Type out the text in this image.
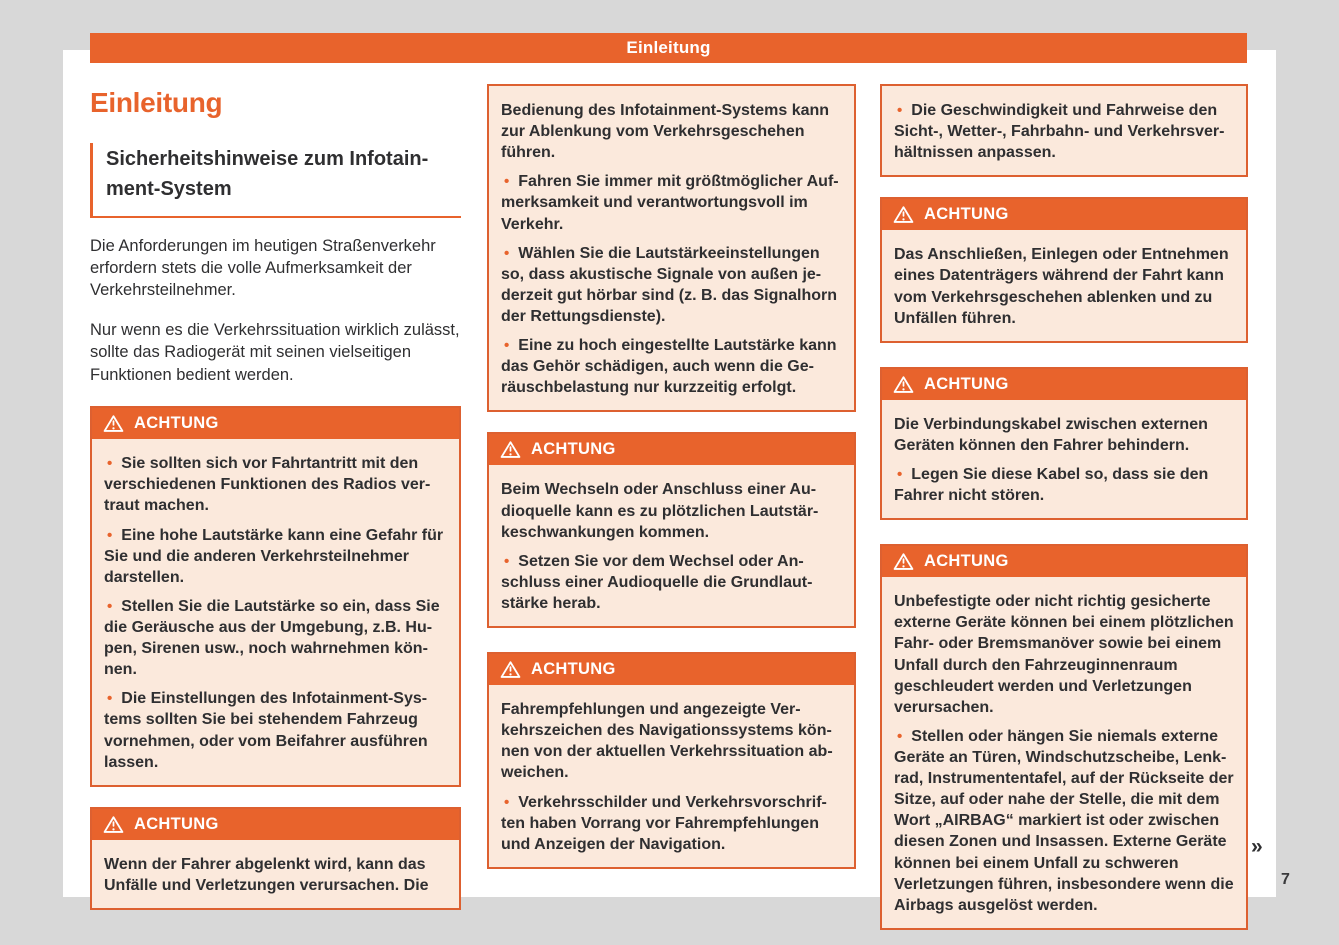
Einleitung
Einleitung
Sicherheitshinweise zum Infotainment-System

Die Anforderungen im heutigen Straßenverkehr erfordern stets die volle Aufmerksamkeit der Verkehrsteilnehmer.

Nur wenn es die Verkehrssituation wirklich zulässt, sollte das Radiogerät mit seinen vielseitigen Funktionen bedient werden.

ACHTUNG
• Sie sollten sich vor Fahrtantritt mit den verschiedenen Funktionen des Radios vertraut machen.
• Eine hohe Lautstärke kann eine Gefahr für Sie und die anderen Verkehrsteilnehmer darstellen.
• Stellen Sie die Lautstärke so ein, dass Sie die Geräusche aus der Umgebung, z.B. Hupen, Sirenen usw., noch wahrnehmen können.
• Die Einstellungen des Infotainment-Systems sollten Sie bei stehendem Fahrzeug vornehmen, oder vom Beifahrer ausführen lassen.
ACHTUNG

Wenn der Fahrer abgelenkt wird, kann das Unfälle und Verletzungen verursachen. Die

Bedienung des Infotainment-Systems kann zur Ablenkung vom Verkehrsgeschehen führen.

• Fahren Sie immer mit größtmöglicher Aufmerksamkeit und verantwortungsvoll im Verkehr.
• Wählen Sie die Lautstärkeeinstellungen so, dass akustische Signale von außen jederzeit gut hörbar sind (z. B. das Signalhorn der Rettungsdienste).
• Eine zu hoch eingestellte Lautstärke kann das Gehör schädigen, auch wenn die Geräuschbelastung nur kurzzeitig erfolgt.
ACHTUNG

Beim Wechseln oder Anschluss einer Audioquelle kann es zu plötzlichen Lautstärkeschwankungen kommen.

• Setzen Sie vor dem Wechsel oder Anschluss einer Audioquelle die Grundlautstärke herab.
ACHTUNG

Fahrempfehlungen und angezeigte Verkehrszeichen des Navigationssystems können von der aktuellen Verkehrssituation abweichen.

• Verkehrsschilder und Verkehrsvorschriften haben Vorrang vor Fahrempfehlungen und Anzeigen der Navigation.
• Die Geschwindigkeit und Fahrweise den Sicht-, Wetter-, Fahrbahn- und Verkehrsverhältnissen anpassen.
ACHTUNG

Das Anschließen, Einlegen oder Entnehmen eines Datenträgers während der Fahrt kann vom Verkehrsgeschehen ablenken und zu Unfällen führen.

ACHTUNG

Die Verbindungskabel zwischen externen Geräten können den Fahrer behindern.

• Legen Sie diese Kabel so, dass sie den Fahrer nicht stören.
ACHTUNG

Unbefestigte oder nicht richtig gesicherte externe Geräte können bei einem plötzlichen Fahr- oder Bremsmanöver sowie bei einem Unfall durch den Fahrzeuginnenraum geschleudert werden und Verletzungen verursachen.

• Stellen oder hängen Sie niemals externe Geräte an Türen, Windschutzscheibe, Lenkrad, Instrumententafel, auf der Rückseite der Sitze, auf oder nahe der Stelle, die mit dem Wort „AIRBAG“ markiert ist oder zwischen diesen Zonen und Insassen. Externe Geräte können bei einem Unfall zu schweren Verletzungen führen, insbesondere wenn die Airbags ausgelöst werden.
»
7
